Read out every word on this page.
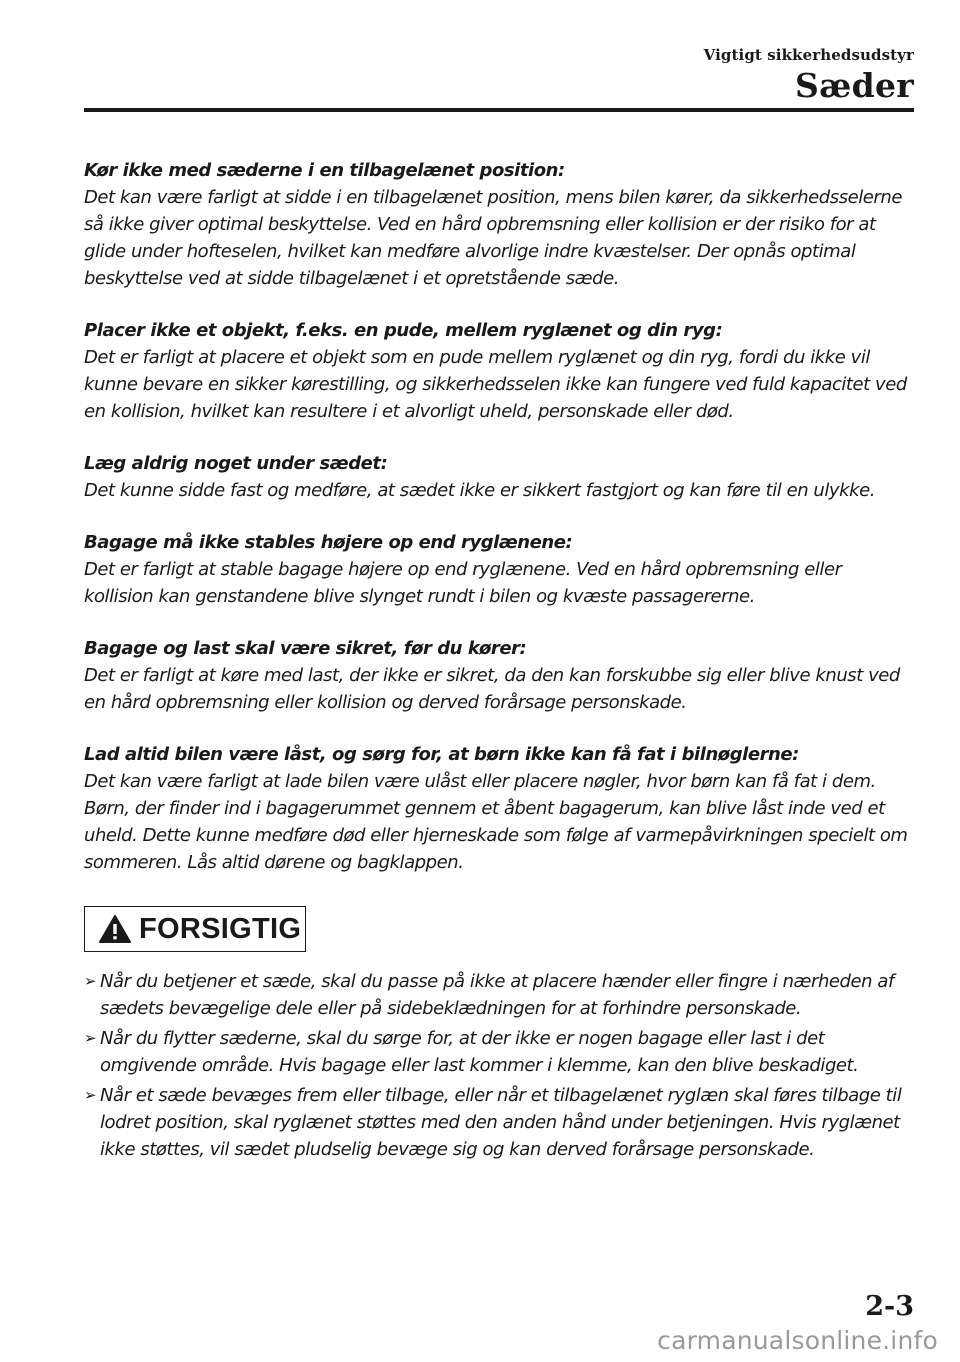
Vigtigt sikkerhedsudstyr
Sæder
Kør ikke med sæderne i en tilbagelænet position:
Det kan være farligt at sidde i en tilbagelænet position, mens bilen kører, da sikkerhedsselerne så ikke giver optimal beskyttelse. Ved en hård opbremsning eller kollision er der risiko for at glide under hofteselen, hvilket kan medføre alvorlige indre kvæstelser. Der opnås optimal beskyttelse ved at sidde tilbagelænet i et opretstående sæde.
Placer ikke et objekt, f.eks. en pude, mellem ryglænet og din ryg:
Det er farligt at placere et objekt som en pude mellem ryglænet og din ryg, fordi du ikke vil kunne bevare en sikker kørestilling, og sikkerhedsselen ikke kan fungere ved fuld kapacitet ved en kollision, hvilket kan resultere i et alvorligt uheld, personskade eller død.
Læg aldrig noget under sædet:
Det kunne sidde fast og medføre, at sædet ikke er sikkert fastgjort og kan føre til en ulykke.
Bagage må ikke stables højere op end ryglænene:
Det er farligt at stable bagage højere op end ryglænene. Ved en hård opbremsning eller kollision kan genstandene blive slynget rundt i bilen og kvæste passagererne.
Bagage og last skal være sikret, før du kører:
Det er farligt at køre med last, der ikke er sikret, da den kan forskubbe sig eller blive knust ved en hård opbremsning eller kollision og derved forårsage personskade.
Lad altid bilen være låst, og sørg for, at børn ikke kan få fat i bilnøglerne:
Det kan være farligt at lade bilen være ulåst eller placere nøgler, hvor børn kan få fat i dem. Børn, der finder ind i bagagerummet gennem et åbent bagagerum, kan blive låst inde ved et uheld. Dette kunne medføre død eller hjerneskade som følge af varmepåvirkningen specielt om sommeren. Lås altid dørene og bagklappen.
FORSIGTIG
➢ Når du betjener et sæde, skal du passe på ikke at placere hænder eller fingre i nærheden af sædets bevægelige dele eller på sidebeklædningen for at forhindre personskade.
➢ Når du flytter sæderne, skal du sørge for, at der ikke er nogen bagage eller last i det omgivende område. Hvis bagage eller last kommer i klemme, kan den blive beskadiget.
➢ Når et sæde bevæges frem eller tilbage, eller når et tilbagelænet ryglæn skal føres tilbage til lodret position, skal ryglænet støttes med den anden hånd under betjeningen. Hvis ryglænet ikke støttes, vil sædet pludselig bevæge sig og kan derved forårsage personskade.
2-3
carmanualsonline.info
